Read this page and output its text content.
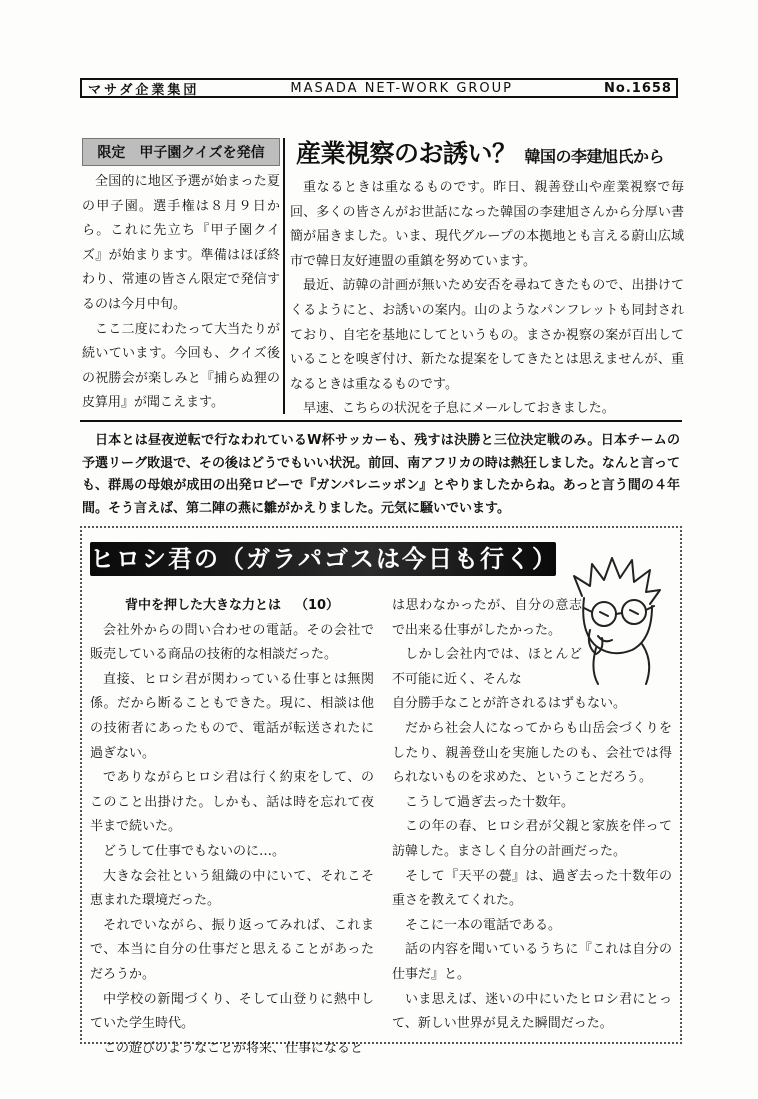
マサダ企業集団	MASADA NET-WORK GROUP	No.1658
限定　甲子園クイズを発信

全国的に地区予選が始まった夏の甲子園。選手権は８月９日から。これに先立ち『甲子園クイズ』が始まります。準備はほぼ終わり、常連の皆さん限定で発信するのは今月中旬。

ここ二度にわたって大当たりが続いています。今回も、クイズ後の祝勝会が楽しみと『捕らぬ狸の皮算用』が聞こえます。

産業視察のお誘い？ 韓国の李建旭氏から

重なるときは重なるものです。昨日、親善登山や産業視察で毎回、多くの皆さんがお世話になった韓国の李建旭さんから分厚い書簡が届きました。いま、現代グループの本拠地とも言える蔚山広域市で韓日友好連盟の重鎮を努めています。

最近、訪韓の計画が無いため安否を尋ねてきたもので、出掛けてくるようにと、お誘いの案内。山のようなパンフレットも同封されており、自宅を基地にしてというもの。まさか視察の案が百出していることを嗅ぎ付け、新たな提案をしてきたとは思えませんが、重なるときは重なるものです。

早速、こちらの状況を子息にメールしておきました。

日本とは昼夜逆転で行なわれているW杯サッカーも、残すは決勝と三位決定戦のみ。日本チームの予選リーグ敗退で、その後はどうでもいい状況。前回、南アフリカの時は熱狂しました。なんと言っても、群馬の母娘が成田の出発ロビーで『ガンバレニッポン』とやりましたからね。あっと言う間の４年間。そう言えば、第二陣の燕に雛がかえりました。元気に騒いでいます。

ヒロシ君の（ガラパゴスは今日も行く）

背中を押した大きな力とは （10）

会社外からの問い合わせの電話。その会社で販売している商品の技術的な相談だった。

直接、ヒロシ君が関わっている仕事とは無関係。だから断ることもできた。現に、相談は他の技術者にあったもので、電話が転送されたに過ぎない。

でありながらヒロシ君は行く約束をして、のこのこと出掛けた。しかも、話は時を忘れて夜半まで続いた。

どうして仕事でもないのに…。

大きな会社という組織の中にいて、それこそ恵まれた環境だった。

それでいながら、振り返ってみれば、これまで、本当に自分の仕事だと思えることがあっただろうか。

中学校の新聞づくり、そして山登りに熱中していた学生時代。

この遊びのようなことが将来、仕事になると

は思わなかったが、自分の意志で出来る仕事がしたかった。

しかし会社内では、ほとんど不可能に近く、そんな

自分勝手なことが許されるはずもない。

だから社会人になってからも山岳会づくりをしたり、親善登山を実施したのも、会社では得られないものを求めた、ということだろう。

こうして過ぎ去った十数年。

この年の春、ヒロシ君が父親と家族を伴って訪韓した。まさしく自分の計画だった。

そして『天平の甍』は、過ぎ去った十数年の重さを教えてくれた。

そこに一本の電話である。

話の内容を聞いているうちに『これは自分の仕事だ』と。

いま思えば、迷いの中にいたヒロシ君にとって、新しい世界が見えた瞬間だった。
